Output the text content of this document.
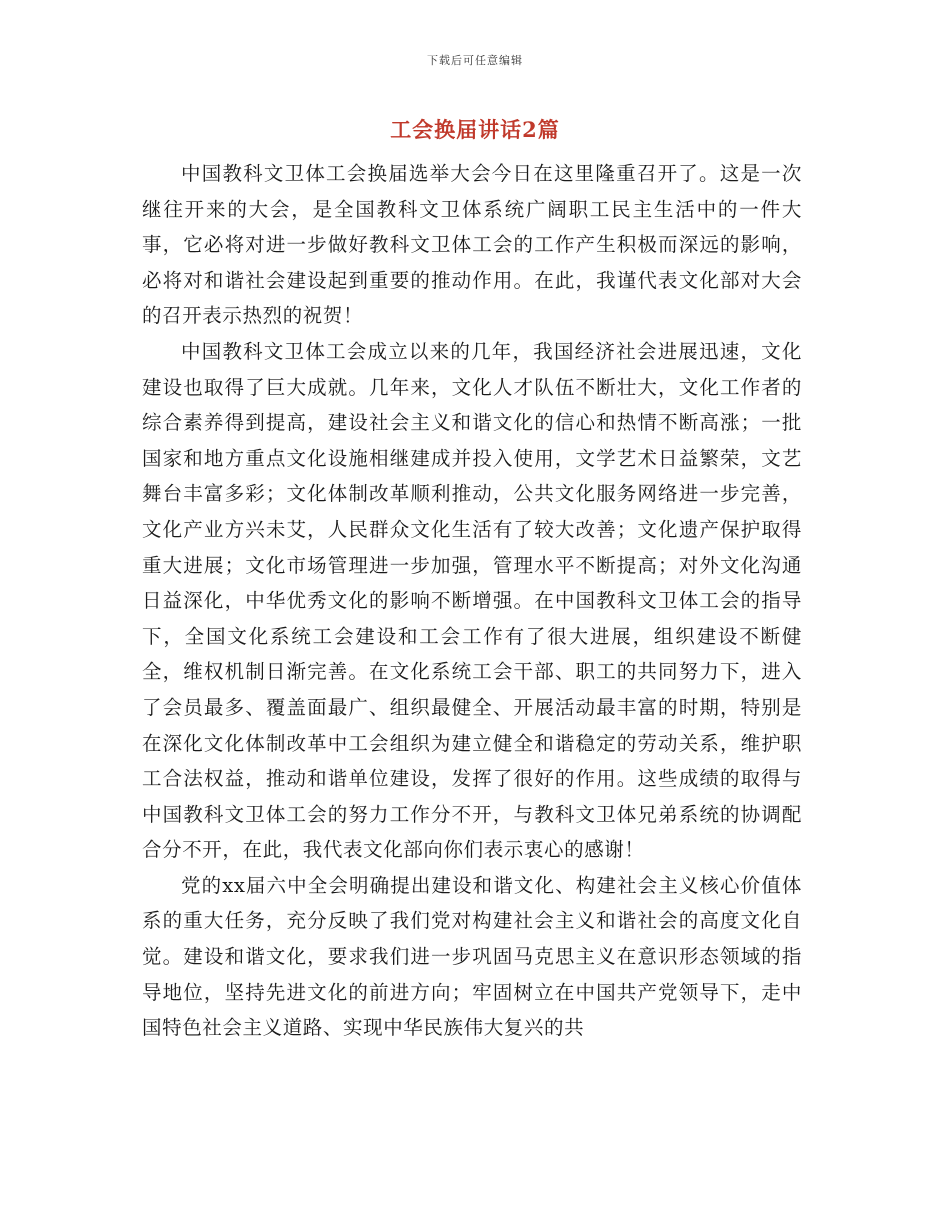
下载后可任意编辑
工会换届讲话2篇

中国教科文卫体工会换届选举大会今日在这里隆重召开了。这是一次继往开来的大会，是全国教科文卫体系统广阔职工民主生活中的一件大事，它必将对进一步做好教科文卫体工会的工作产生积极而深远的影响，必将对和谐社会建设起到重要的推动作用。在此，我谨代表文化部对大会的召开表示热烈的祝贺！

中国教科文卫体工会成立以来的几年，我国经济社会进展迅速，文化建设也取得了巨大成就。几年来，文化人才队伍不断壮大，文化工作者的综合素养得到提高，建设社会主义和谐文化的信心和热情不断高涨；一批国家和地方重点文化设施相继建成并投入使用，文学艺术日益繁荣，文艺舞台丰富多彩；文化体制改革顺利推动，公共文化服务网络进一步完善，文化产业方兴未艾，人民群众文化生活有了较大改善；文化遗产保护取得重大进展；文化市场管理进一步加强，管理水平不断提高；对外文化沟通日益深化，中华优秀文化的影响不断增强。在中国教科文卫体工会的指导下，全国文化系统工会建设和工会工作有了很大进展，组织建设不断健全，维权机制日渐完善。在文化系统工会干部、职工的共同努力下，进入了会员最多、覆盖面最广、组织最健全、开展活动最丰富的时期，特别是在深化文化体制改革中工会组织为建立健全和谐稳定的劳动关系，维护职工合法权益，推动和谐单位建设，发挥了很好的作用。这些成绩的取得与中国教科文卫体工会的努力工作分不开，与教科文卫体兄弟系统的协调配合分不开，在此，我代表文化部向你们表示衷心的感谢！

党的xx届六中全会明确提出建设和谐文化、构建社会主义核心价值体系的重大任务，充分反映了我们党对构建社会主义和谐社会的高度文化自觉。建设和谐文化，要求我们进一步巩固马克思主义在意识形态领域的指导地位，坚持先进文化的前进方向；牢固树立在中国共产党领导下，走中国特色社会主义道路、实现中华民族伟大复兴的共
